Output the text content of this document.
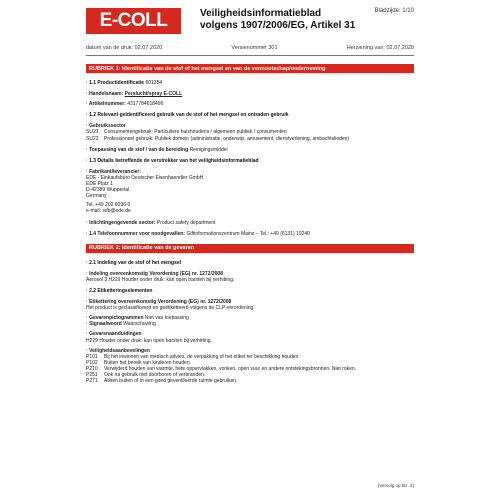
E-COLL	Veiligheidsinformatieblad
volgens 1907/2006/EG, Artikel 31
Bladzijde: 1/10
datum van de druk: 02.07.2020	Versienummer 301	Herziening van: 02.07.2020
RUBRIEK 1: Identificatie van de stof of het mengsel en van de vennootschap/onderneming
· 1.1 Productidentificatie 601354
· Handelsnaam: Perslucht/spray E-COLL
· Artikelnummer: 4317784618496
· 1.2 Relevant geïdentificeerd gebruik van de stof of het mengsel en ontraden gebruik
· Gebruikssector
SU21	Consumentengebruik: Particuliere huishoudens / algemeen publiek / consumenten
SU22	Professioneel gebruik: Publiek domein (administratie, onderwijs, amusement, dienstverlening, ambachtslieden)
· Toepassing van de stof / van de bereiding Reinigingsmiddel
· 1.3 Details betreffende de verstrekker van het veiligheidsinformatieblad
· Fabrikant/leverancier:
EDE - Einkaufsbüro Deutscher Eisenhaendler GmbH
EDE Platz 1
D-42389 Wuppertal
Germany
Tel. +49 202 6096-0
e-mail: sdb@ede.de
· Inlichtingengevende sector: Product safety department
· 1.4 Telefoonnummer voor noodgevallen: Giftinformationszentrum Mainz – Tel.: +49 (6131) 19240
RUBRIEK 2: Identificatie van de gevaren
· 2.1 Indeling van de stof of het mengsel
· Indeling overeenkomstig Verordening (EG) nr. 1272/2008
Aerosol 3 H229 Houder onder druk: kan open barsten bij verhitting.
· 2.2 Etiketteringselementen
· Etikettering overeenkomstig Verordening (EG) nr. 1272/2008
Het product is geclassificeerd en geëtiketteerd volgens de CLP-verordening.
· Gevarenpictogrammen Niet van toepassing
· Signaalwoord Waarschuwing
· Gevarenaanduidingen
H229 Houder onder druk: kan open barsten bij verhitting.
· Veiligheidsaanbevelingen
P101	Bij het inwinnen van medisch advies, de verpakking of het etiket ter beschikking houden.
P102	Buiten het bereik van kinderen houden.
P210	Verwijderd houden van warmte, hete oppervlakken, vonken, open vuur en andere ontstekingsbronnen. Niet roken.
P251	Ook na gebruik niet doorboren of verbranden.
P271	Alleen buiten of in een goed geventileerde ruimte gebruiken.
(Vervolg op blz. 2)
